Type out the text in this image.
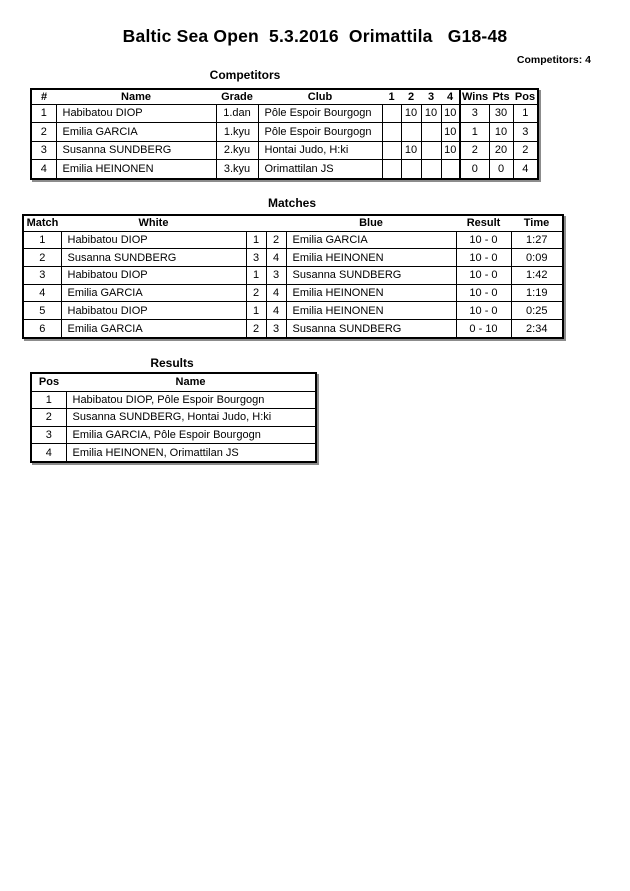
Baltic Sea Open  5.3.2016  Orimattila   G18-48
Competitors: 4
Competitors
#	Name	Grade	Club	1	2	3	4	Wins	Pts	Pos
1	Habibatou DIOP	1.dan	Pôle Espoir Bourgogn		10	10	10	3	30	1
2	Emilia GARCIA	1.kyu	Pôle Espoir Bourgogn				10	1	10	3
3	Susanna SUNDBERG	2.kyu	Hontai Judo, H:ki		10		10	2	20	2
4	Emilia HEINONEN	3.kyu	Orimattilan JS					0	0	4
Matches
Match	White			Blue	Result	Time
1	Habibatou DIOP	1	2	Emilia GARCIA	10 - 0	1:27
2	Susanna SUNDBERG	3	4	Emilia HEINONEN	10 - 0	0:09
3	Habibatou DIOP	1	3	Susanna SUNDBERG	10 - 0	1:42
4	Emilia GARCIA	2	4	Emilia HEINONEN	10 - 0	1:19
5	Habibatou DIOP	1	4	Emilia HEINONEN	10 - 0	0:25
6	Emilia GARCIA	2	3	Susanna SUNDBERG	0 - 10	2:34
Results
Pos	Name
1	Habibatou DIOP, Pôle Espoir Bourgogn
2	Susanna SUNDBERG, Hontai Judo, H:ki
3	Emilia GARCIA, Pôle Espoir Bourgogn
4	Emilia HEINONEN, Orimattilan JS
